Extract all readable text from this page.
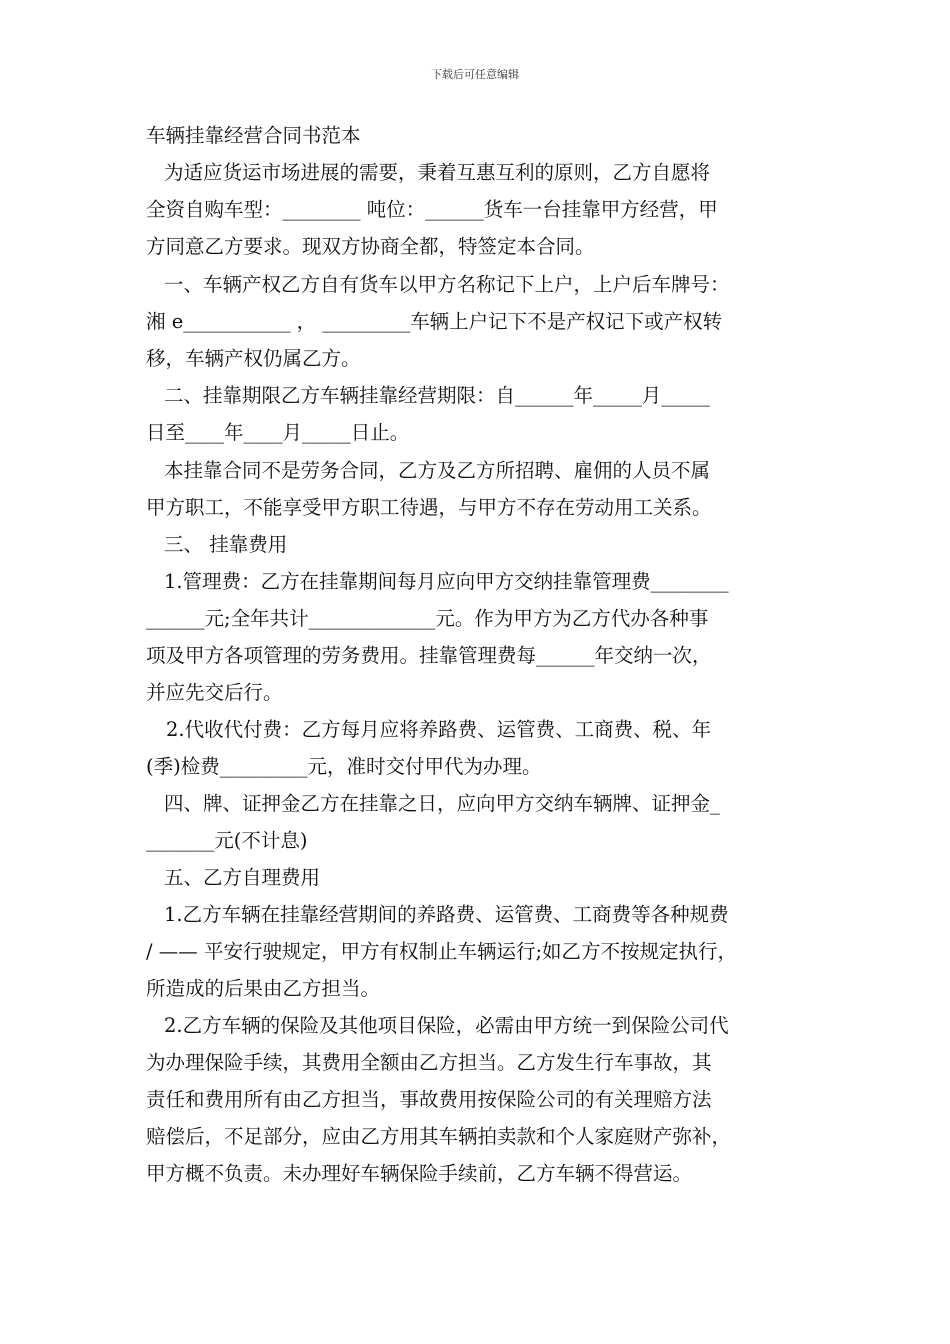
下载后可任意编辑
车辆挂靠经营合同书范本
为适应货运市场进展的需要，秉着互惠互利的原则，乙方自愿将
全资自购车型：________ 吨位：______货车一台挂靠甲方经营，甲
方同意乙方要求。现双方协商全都，特签定本合同。
一、车辆产权乙方自有货车以甲方名称记下上户，上户后车牌号：
湘 e___________ ， _________车辆上户记下不是产权记下或产权转
移，车辆产权仍属乙方。
二、挂靠期限乙方车辆挂靠经营期限：自______年_____月_____
日至____年____月_____日止。
本挂靠合同不是劳务合同，乙方及乙方所招聘、雇佣的人员不属
甲方职工，不能享受甲方职工待遇，与甲方不存在劳动用工关系。
三、 挂靠费用
1.管理费：乙方在挂靠期间每月应向甲方交纳挂靠管理费________
______元;全年共计_____________元。作为甲方为乙方代办各种事
项及甲方各项管理的劳务费用。挂靠管理费每______年交纳一次，
并应先交后行。
2.代收代付费：乙方每月应将养路费、运管费、工商费、税、年
(季)检费_________元，准时交付甲代为办理。
四、牌、证押金乙方在挂靠之日，应向甲方交纳车辆牌、证押金_
_______元(不计息)
五、乙方自理费用
1.乙方车辆在挂靠经营期间的养路费、运管费、工商费等各种规费
/ —— 平安行驶规定，甲方有权制止车辆运行;如乙方不按规定执行，
所造成的后果由乙方担当。
2.乙方车辆的保险及其他项目保险，必需由甲方统一到保险公司代
为办理保险手续，其费用全额由乙方担当。乙方发生行车事故，其
责任和费用所有由乙方担当，事故费用按保险公司的有关理赔方法
赔偿后，不足部分，应由乙方用其车辆拍卖款和个人家庭财产弥补，
甲方概不负责。未办理好车辆保险手续前，乙方车辆不得营运。
